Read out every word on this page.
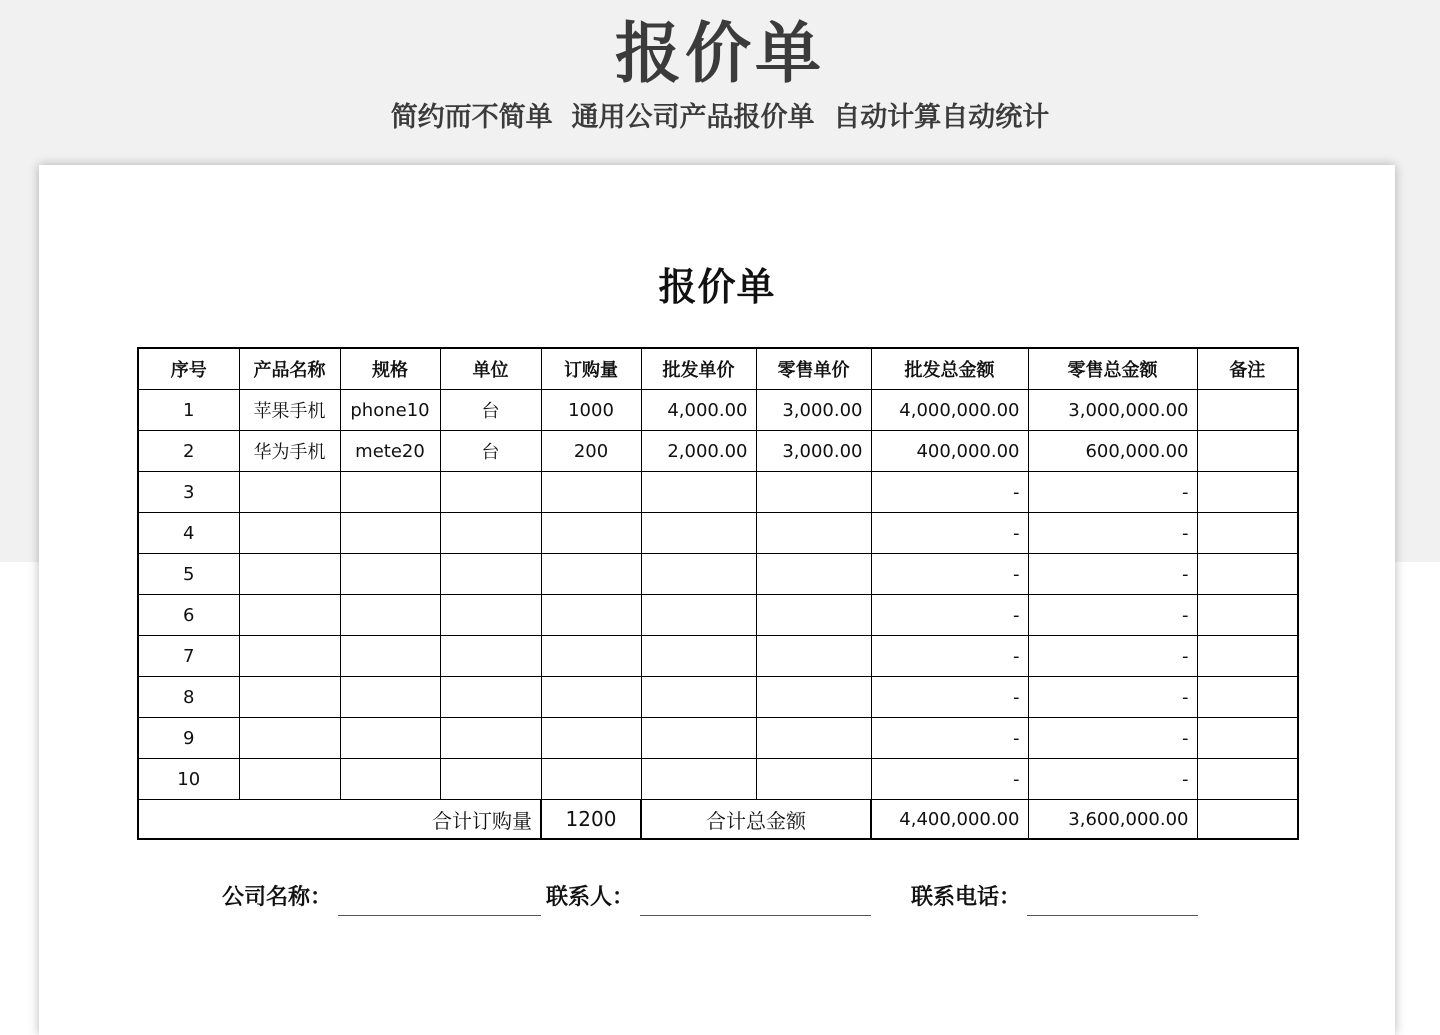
报价单
简约而不简单  通用公司产品报价单  自动计算自动统计
报价单
序号	产品名称	规格	单位	订购量	批发单价	零售单价	批发总金额	零售总金额	备注
1	苹果手机	phone10	台	1000	4,000.00	3,000.00	4,000,000.00	3,000,000.00	
2	华为手机	mete20	台	200	2,000.00	3,000.00	400,000.00	600,000.00	
3							-	-	
4							-	-	
5							-	-	
6							-	-	
7							-	-	
8							-	-	
9							-	-	
10							-	-	
合计订购量				1200	合计总金额		4,400,000.00	3,600,000.00	
公司名称：	联系人：	联系电话：
